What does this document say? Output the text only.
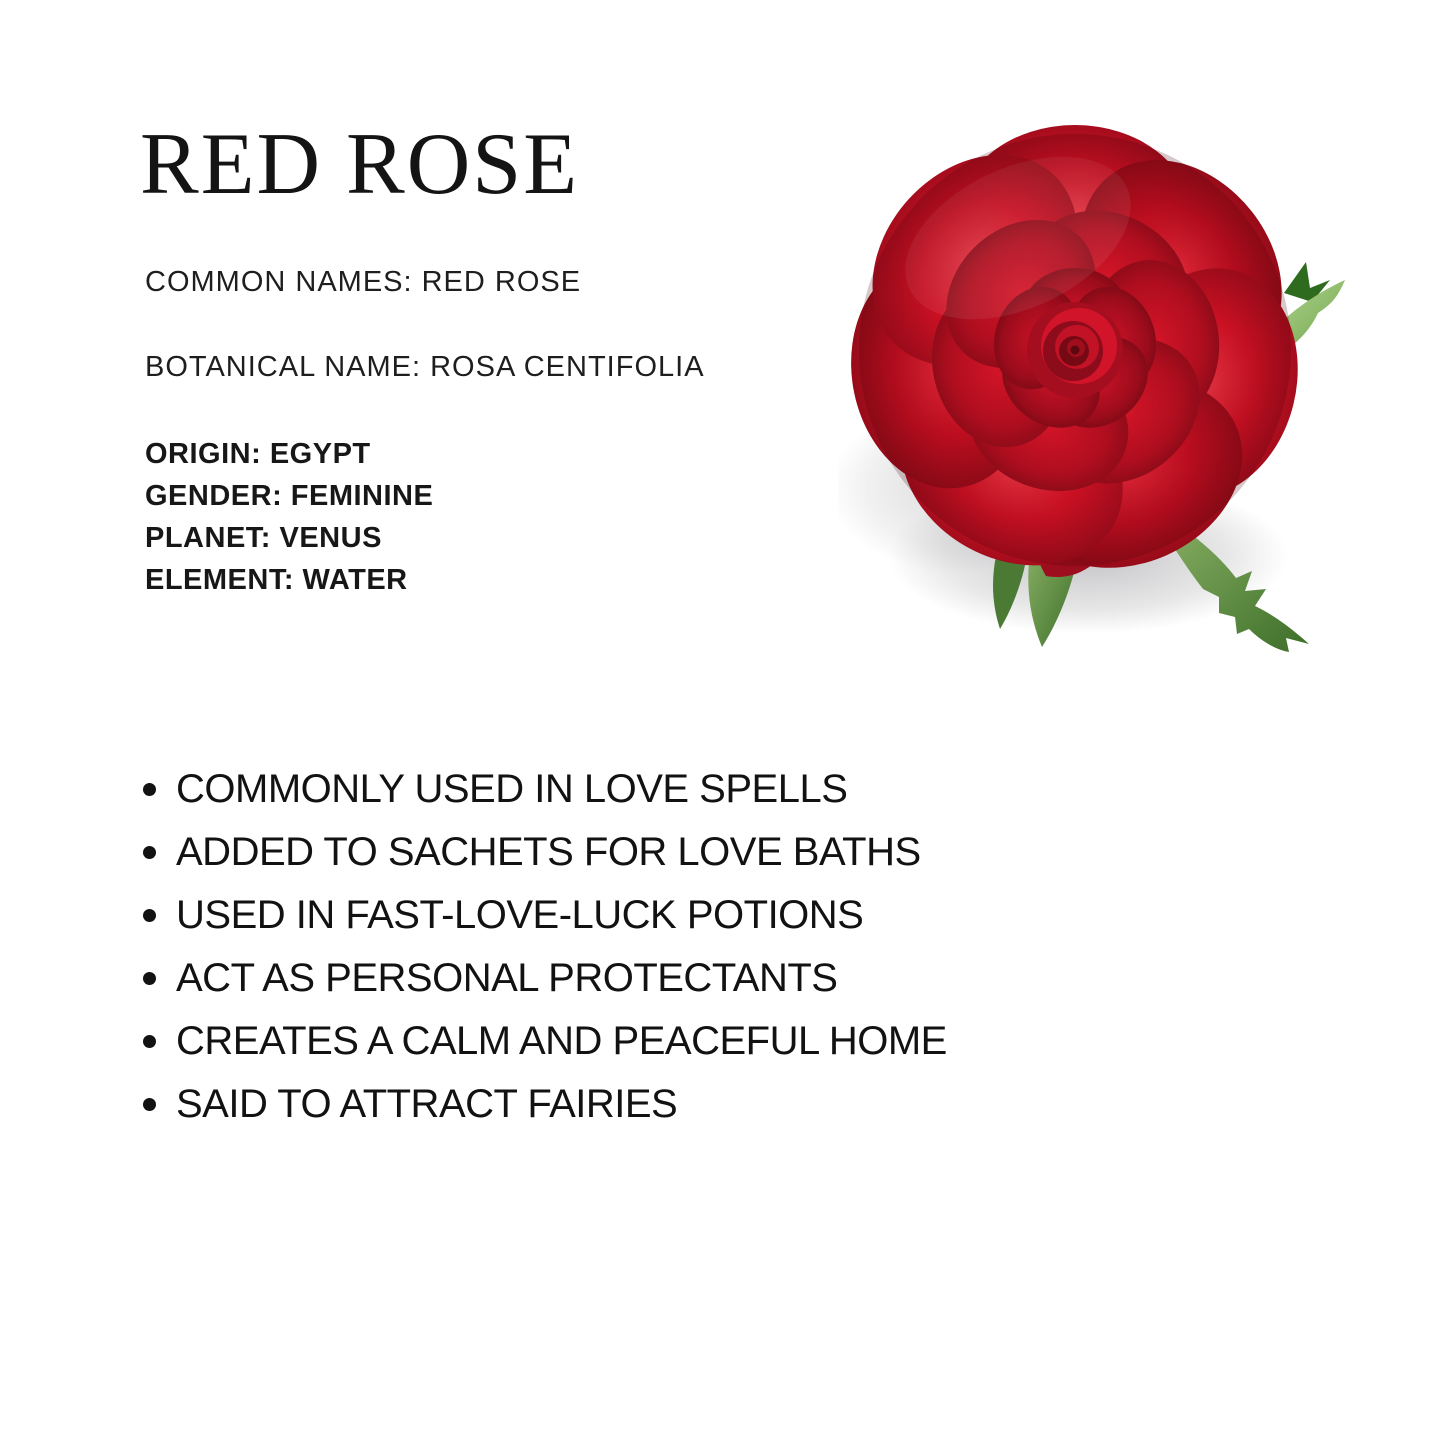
RED ROSE
COMMON NAMES: RED ROSE
BOTANICAL NAME: ROSA CENTIFOLIA
ORIGIN: EGYPT
GENDER: FEMININE
PLANET: VENUS
ELEMENT: WATER
COMMONLY USED IN LOVE SPELLS
ADDED TO SACHETS FOR LOVE BATHS
USED IN FAST-LOVE-LUCK POTIONS
ACT AS PERSONAL PROTECTANTS
CREATES A CALM AND PEACEFUL HOME
SAID TO ATTRACT FAIRIES
